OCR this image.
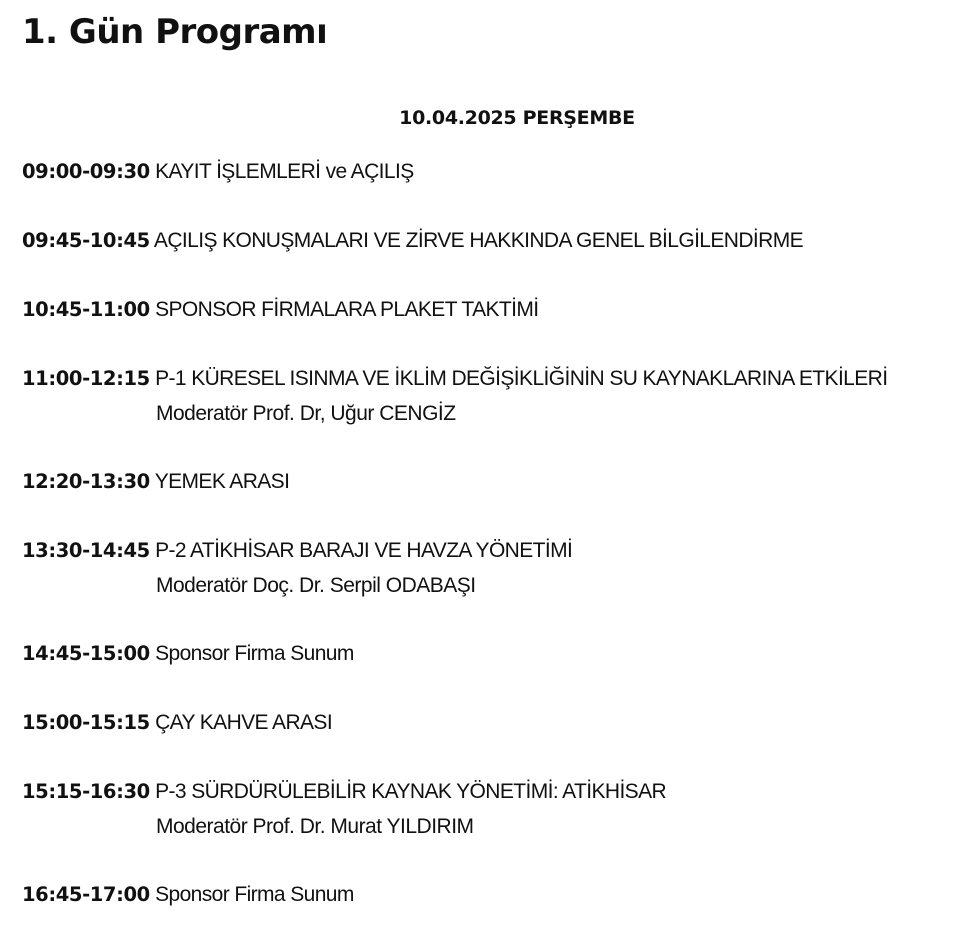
1. Gün Programı
10.04.2025 PERŞEMBE
09:00-09:30 KAYIT İŞLEMLERİ ve AÇILIŞ
09:45-10:45 AÇILIŞ KONUŞMALARI VE ZİRVE HAKKINDA GENEL BİLGİLENDİRME
10:45-11:00 SPONSOR FİRMALARA PLAKET TAKTİMİ
11:00-12:15 P-1 KÜRESEL ISINMA VE İKLİM DEĞİŞİKLİĞİNİN SU KAYNAKLARINA ETKİLERİ
Moderatör Prof. Dr, Uğur CENGİZ
12:20-13:30 YEMEK ARASI
13:30-14:45 P-2 ATİKHİSAR BARAJI VE HAVZA YÖNETİMİ
Moderatör Doç. Dr. Serpil ODABAŞI
14:45-15:00 Sponsor Firma Sunum
15:00-15:15 ÇAY KAHVE ARASI
15:15-16:30 P-3 SÜRDÜRÜLEBİLİR KAYNAK YÖNETİMİ: ATİKHİSAR
Moderatör Prof. Dr. Murat YILDIRIM
16:45-17:00 Sponsor Firma Sunum
